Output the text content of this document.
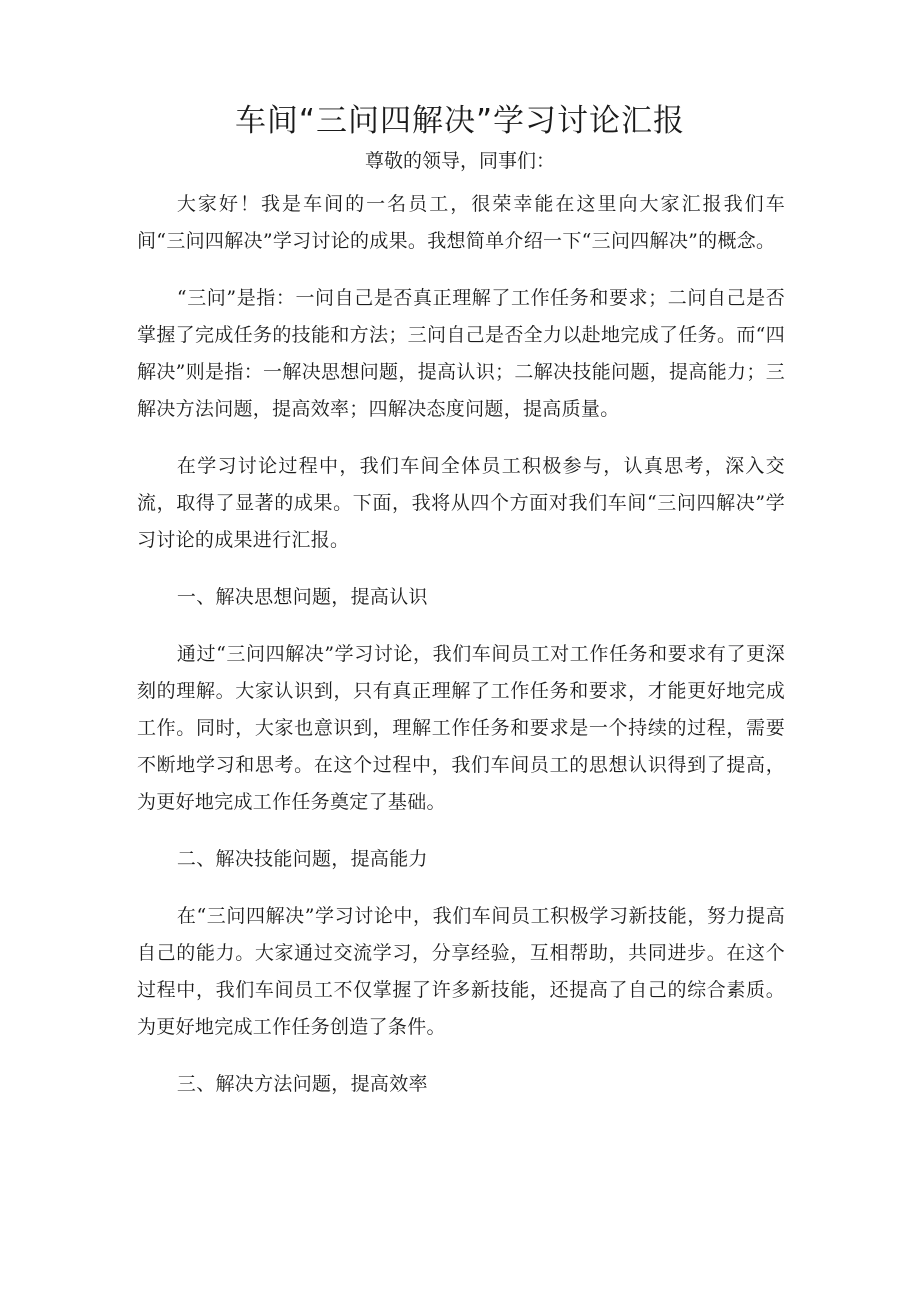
车间“三问四解决”学习讨论汇报

尊敬的领导，同事们：

大家好！我是车间的一名员工，很荣幸能在这里向大家汇报我们车间“三问四解决”学习讨论的成果。我想简单介绍一下“三问四解决”的概念。

“三问”是指：一问自己是否真正理解了工作任务和要求；二问自己是否掌握了完成任务的技能和方法；三问自己是否全力以赴地完成了任务。而“四解决”则是指：一解决思想问题，提高认识；二解决技能问题，提高能力；三解决方法问题，提高效率；四解决态度问题，提高质量。

在学习讨论过程中，我们车间全体员工积极参与，认真思考，深入交流，取得了显著的成果。下面，我将从四个方面对我们车间“三问四解决”学习讨论的成果进行汇报。

一、解决思想问题，提高认识

通过“三问四解决”学习讨论，我们车间员工对工作任务和要求有了更深刻的理解。大家认识到，只有真正理解了工作任务和要求，才能更好地完成工作。同时，大家也意识到，理解工作任务和要求是一个持续的过程，需要不断地学习和思考。在这个过程中，我们车间员工的思想认识得到了提高，为更好地完成工作任务奠定了基础。

二、解决技能问题，提高能力

在“三问四解决”学习讨论中，我们车间员工积极学习新技能，努力提高自己的能力。大家通过交流学习，分享经验，互相帮助，共同进步。在这个过程中，我们车间员工不仅掌握了许多新技能，还提高了自己的综合素质。为更好地完成工作任务创造了条件。

三、解决方法问题，提高效率
